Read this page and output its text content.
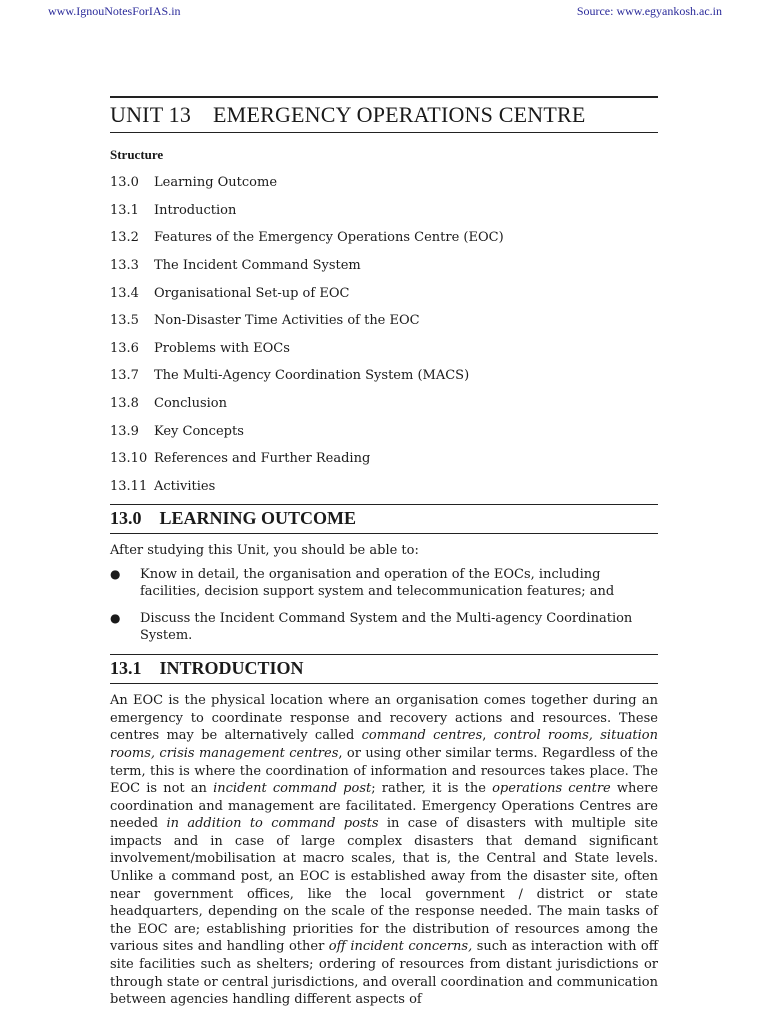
www.IgnouNotesForIAS.in	Source: www.egyankosh.ac.in
UNIT 13 EMERGENCY OPERATIONS CENTRE
Structure
13.0	Learning Outcome
13.1	Introduction
13.2	Features of the Emergency Operations Centre (EOC)
13.3	The Incident Command System
13.4	Organisational Set-up of EOC
13.5	Non-Disaster Time Activities of the EOC
13.6	Problems with EOCs
13.7	The Multi-Agency Coordination System (MACS)
13.8	Conclusion
13.9	Key Concepts
13.10 References and Further Reading
13.11 Activities
13.0 LEARNING OUTCOME

After studying this Unit, you should be able to:

●	Know in detail, the organisation and operation of the EOCs, including facilities, decision support system and telecommunication features; and
●	Discuss the Incident Command System and the Multi-agency Coordination System.
13.1 INTRODUCTION

An EOC is the physical location where an organisation comes together during an emergency to coordinate response and recovery actions and resources. These centres may be alternatively called command centres, control rooms, situation rooms, crisis management centres, or using other similar terms. Regardless of the term, this is where the coordination of information and resources takes place. The EOC is not an incident command post; rather, it is the operations centre where coordination and management are facilitated. Emergency Operations Centres are needed in addition to command posts in case of disasters with multiple site impacts and in case of large complex disasters that demand significant involvement/mobilisation at macro scales, that is, the Central and State levels. Unlike a command post, an EOC is established away from the disaster site, often near government offices, like the local government / district or state headquarters, depending on the scale of the response needed. The main tasks of the EOC are; establishing priorities for the distribution of resources among the various sites and handling other off incident concerns, such as interaction with off site facilities such as shelters; ordering of resources from distant jurisdictions or through state or central jurisdictions, and overall coordination and communication between agencies handling different aspects of
